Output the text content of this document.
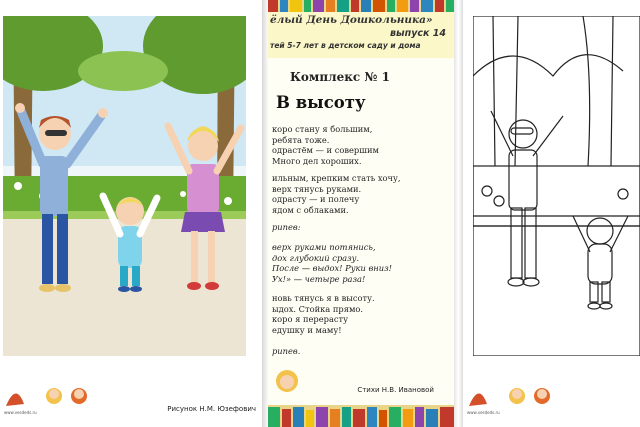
www.vesdeds.ru	Рисунок Н.М. Юзефович
ёлый День Дошкольника»
выпуск 14
тей 5-7 лет в детском саду и дома
Комплекс № 1
В высоту
коро стану я большим,
ребята тоже.
одрастём — и совершим
Много дел хороших.
ильным, крепким стать хочу,
верх тянусь руками.
одрасту — и полечу
ядом с облаками.
рипев:
верх руками потянись,
дох глубокий сразу.
После — выдох! Руки вниз!
Ух!» — четыре раза!
новь тянусь я в высоту.
ыдох. Стойка прямо.
коро я перерасту
едушку и маму!
рипев.
Стихи Н.В. Ивановой
www.vesdeds.ru
